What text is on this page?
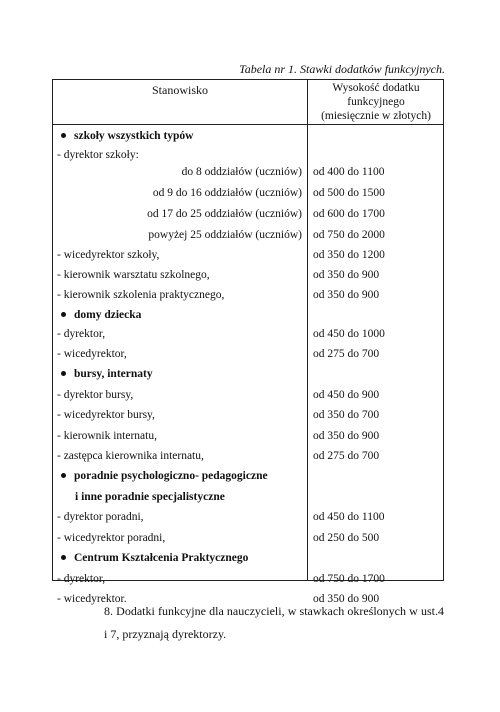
Tabela nr 1. Stawki dodatków funkcyjnych.
Stanowisko	Wysokość dodatku
funkcyjnego
(miesięcznie w złotych)
szkoły wszystkich typów
- dyrektor szkoły:
do 8 oddziałów (uczniów) od 400 do 1100
od 9 do 16 oddziałów (uczniów) od 500 do 1500
od 17 do 25 oddziałów (uczniów) od 600 do 1700
powyżej 25 oddziałów (uczniów) od 750 do 2000
- wicedyrektor szkoły,	od 350 do 1200
- kierownik warsztatu szkolnego,	od 350 do 900
- kierownik szkolenia praktycznego,	od 350 do 900
domy dziecka
- dyrektor,	od 450 do 1000
- wicedyrektor,	od 275 do 700
bursy, internaty
- dyrektor bursy,	od 450 do 900
- wicedyrektor bursy,	od 350 do 700
- kierownik internatu,	od 350 do 900
- zastępca kierownika internatu,	od 275 do 700
poradnie psychologiczno- pedagogiczne
i inne poradnie specjalistyczne
- dyrektor poradni,	od 450 do 1100
- wicedyrektor poradni,	od 250 do 500
Centrum Kształcenia Praktycznego
- dyrektor,	od 750 do 1700
- wicedyrektor.	od 350 do 900
8. Dodatki funkcyjne dla nauczycieli, w stawkach określonych w ust.4 i 7, przyznają dyrektorzy.
